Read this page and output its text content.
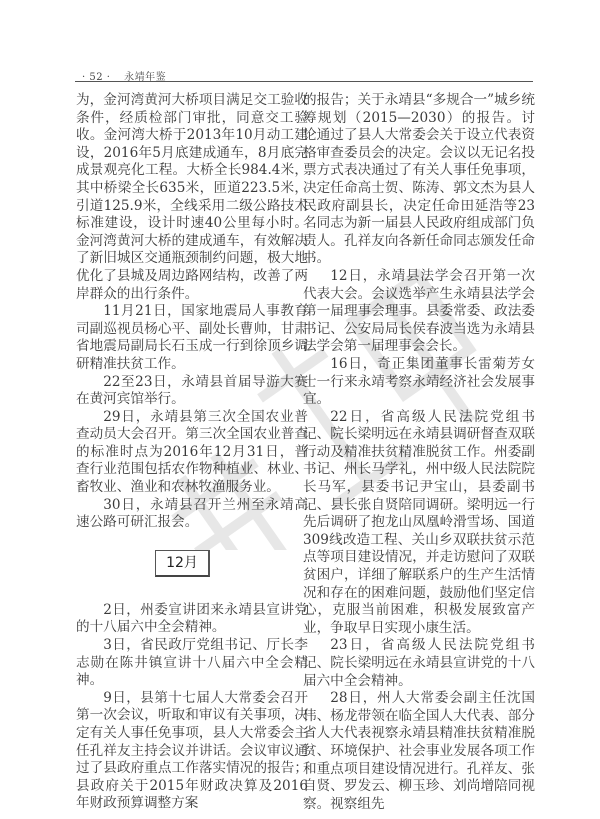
· 52 · 永靖年鉴

为，金河湾黄河大桥项目满足交工验收条件，经质检部门审批，同意交工验收。金河湾大桥于2013年10月动工建设，2016年5月底建成通车，8月底完成景观亮化工程。大桥全长984.4米，其中桥梁全长635米，匝道223.5米，引道125.9米，全线采用二级公路技术标准建设，设计时速40公里每小时。金河湾黄河大桥的建成通车，有效解决了新旧城区交通瓶颈制约问题，极大地优化了县城及周边路网结构，改善了两岸群众的出行条件。

11月21日，国家地震局人事教育司副巡视员杨心平、副处长曹帅，甘肃省地震局副局长石玉成一行到徐顶乡调研精准扶贫工作。

22至23日，永靖县首届导游大赛在黄河宾馆举行。

29日，永靖县第三次全国农业普查动员大会召开。第三次全国农业普查的标准时点为2016年12月31日，普查行业范围包括农作物种植业、林业、畜牧业、渔业和农林牧渔服务业。

30日，永靖县召开兰州至永靖高速公路可研汇报会。

12月

2日，州委宣讲团来永靖县宣讲党的十八届六中全会精神。

3日，省民政厅党组书记、厅长李志勋在陈井镇宣讲十八届六中全会精神。

9日，县第十七届人大常委会召开第一次会议，听取和审议有关事项，决定有关人事任免事项，县人大常委会主任孔祥友主持会议并讲话。会议审议通过了县政府重点工作落实情况的报告；县政府关于2015年财政决算及2016年财政预算调整方案

的报告；关于永靖县“多规合一”城乡统筹规划（2015—2030）的报告。讨论通过了县人大常委会关于设立代表资格审查委员会的决定。会议以无记名投票方式表决通过了有关人事任免事项，决定任命高士贺、陈涛、郭文杰为县人民政府副县长，决定任命田延浩等23名同志为新一届县人民政府组成部门负责人。孔祥友向各新任命同志颁发任命书。

12日，永靖县法学会召开第一次代表大会。会议选举产生永靖县法学会第一届理事会理事。县委常委、政法委书记、公安局局长侯春波当选为永靖县法学会第一届理事会会长。

16日，奇正集团董事长雷菊芳女士一行来永靖考察永靖经济社会发展事宜。

22日，省高级人民法院党组书记、院长梁明远在永靖县调研督查双联行动及精准扶贫精准脱贫工作。州委副书记、州长马学礼，州中级人民法院院长马军，县委书记尹宝山，县委副书记、县长张自贤陪同调研。梁明远一行先后调研了抱龙山凤凰岭滑雪场、国道309线改造工程、关山乡双联扶贫示范点等项目建设情况，并走访慰问了双联贫困户，详细了解联系户的生产生活情况和存在的困难问题，鼓励他们坚定信心，克服当前困难，积极发展致富产业，争取早日实现小康生活。

23日，省高级人民法院党组书记、院长梁明远在永靖县宣讲党的十八届六中全会精神。

28日，州人大常委会副主任沈国伟、杨龙带领在临全国人大代表、部分省人大代表视察永靖县精准扶贫精准脱贫、环境保护、社会事业发展各项工作和重点项目建设情况进行。孔祥友、张自贤、罗发云、柳玉珍、刘尚增陪同视察。视察组先
